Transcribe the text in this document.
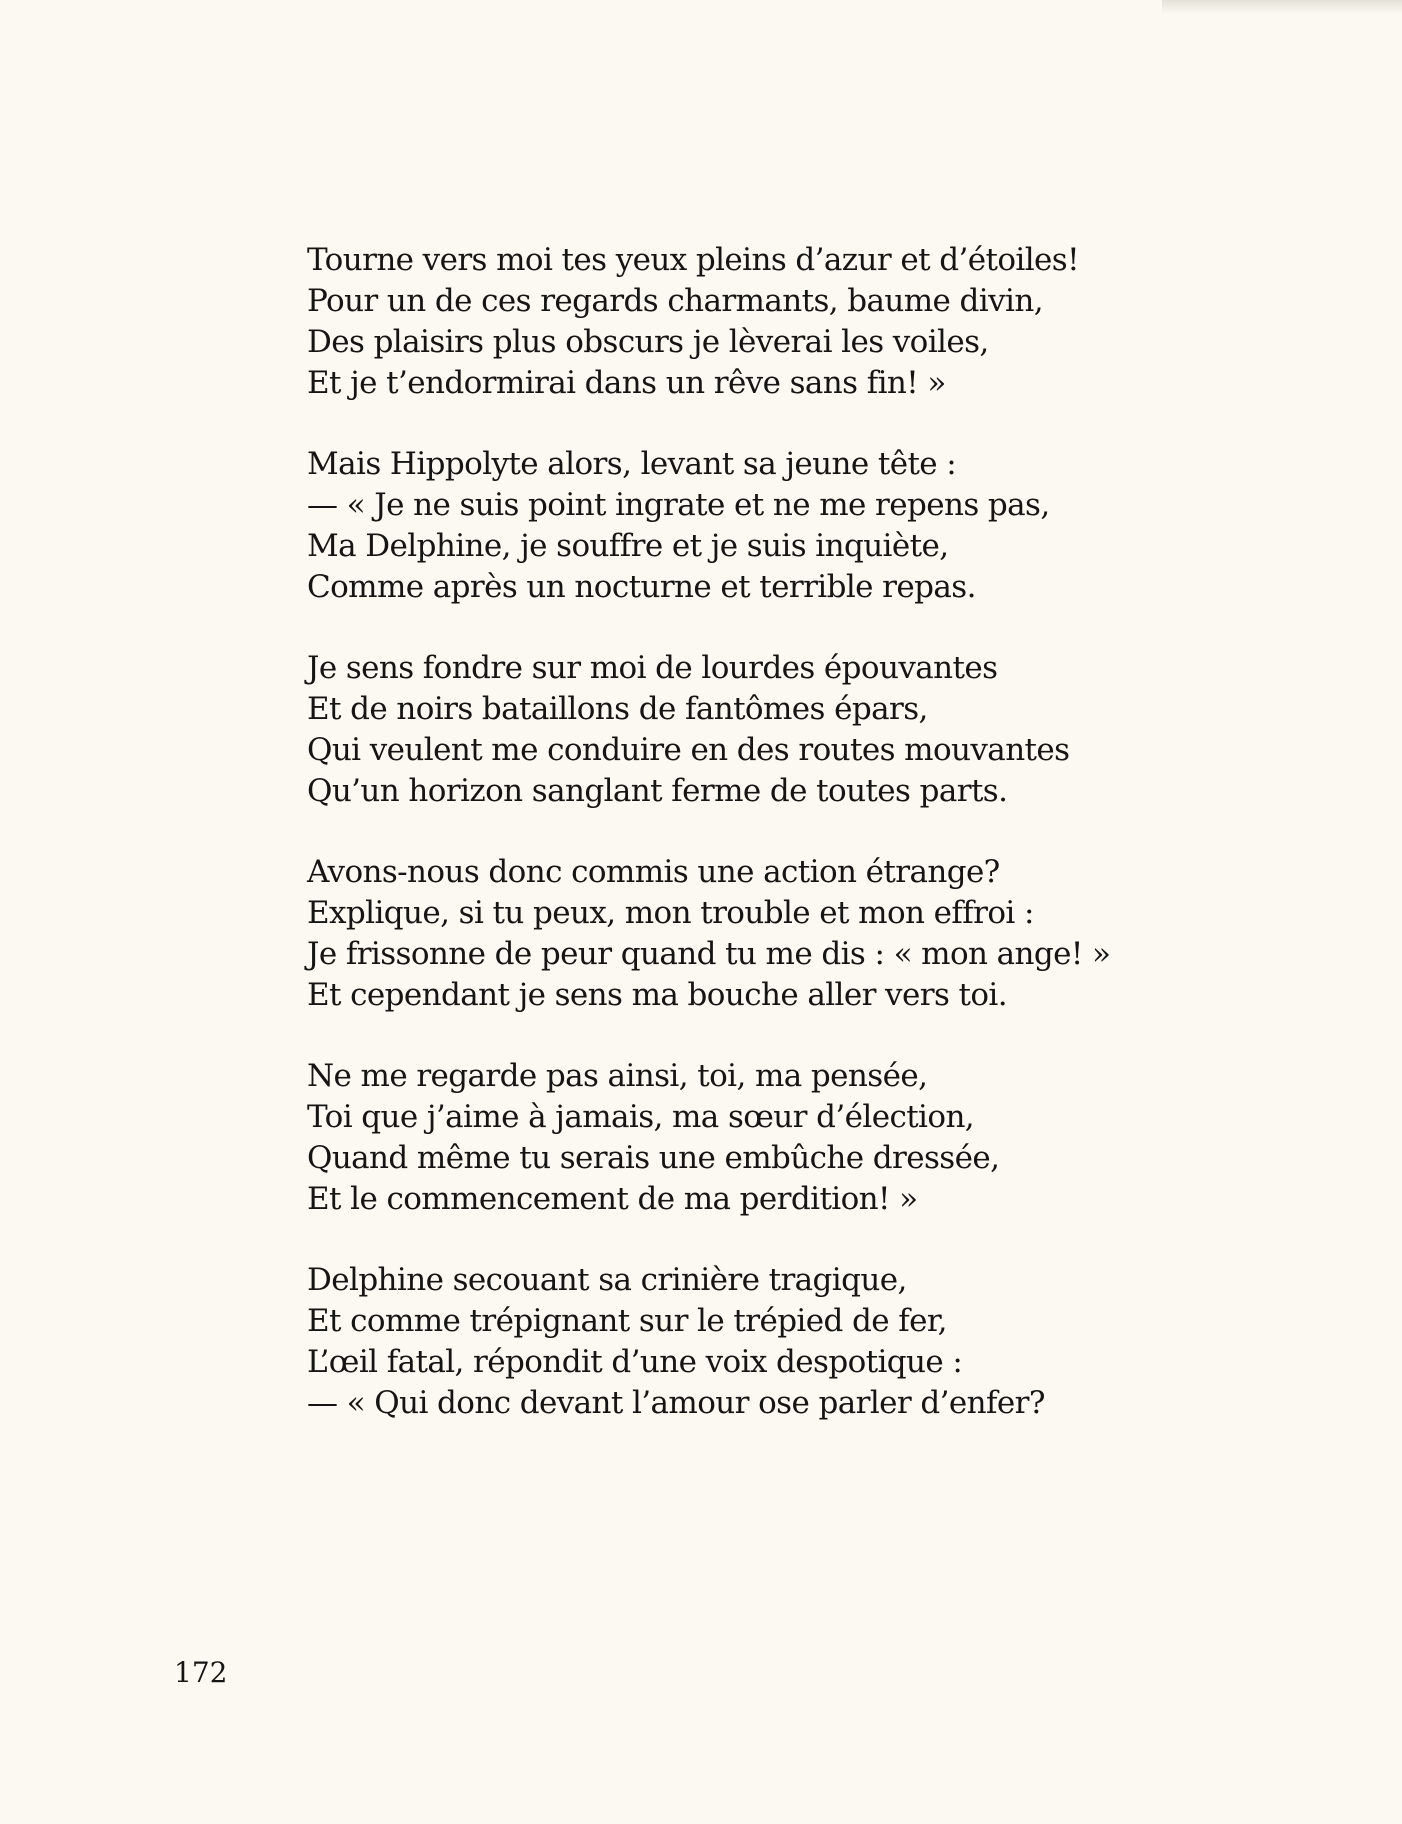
Tourne vers moi tes yeux pleins d’azur et d’étoiles!
Pour un de ces regards charmants, baume divin,
Des plaisirs plus obscurs je lèverai les voiles,
Et je t’endormirai dans un rêve sans fin! »
Mais Hippolyte alors, levant sa jeune tête :
— « Je ne suis point ingrate et ne me repens pas,
Ma Delphine, je souffre et je suis inquiète,
Comme après un nocturne et terrible repas.
Je sens fondre sur moi de lourdes épouvantes
Et de noirs bataillons de fantômes épars,
Qui veulent me conduire en des routes mouvantes
Qu’un horizon sanglant ferme de toutes parts.
Avons-nous donc commis une action étrange?
Explique, si tu peux, mon trouble et mon effroi :
Je frissonne de peur quand tu me dis : « mon ange! »
Et cependant je sens ma bouche aller vers toi.
Ne me regarde pas ainsi, toi, ma pensée,
Toi que j’aime à jamais, ma sœur d’élection,
Quand même tu serais une embûche dressée,
Et le commencement de ma perdition! »
Delphine secouant sa crinière tragique,
Et comme trépignant sur le trépied de fer,
L’œil fatal, répondit d’une voix despotique :
— « Qui donc devant l’amour ose parler d’enfer?
172
